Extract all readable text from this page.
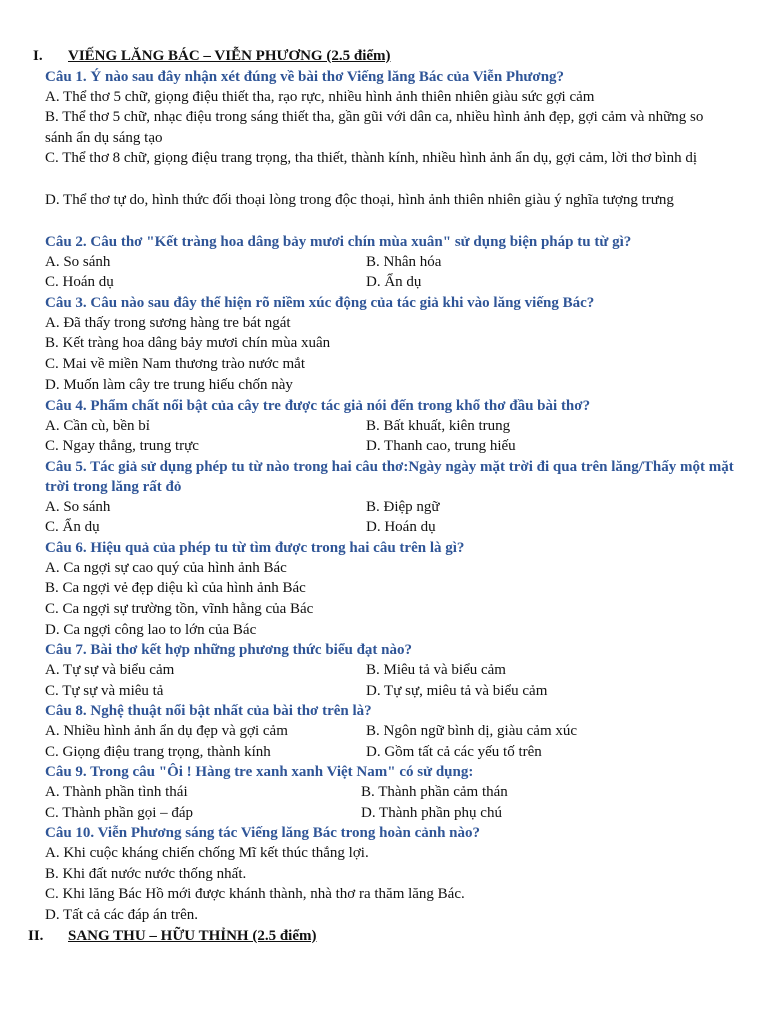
I. VIẾNG LĂNG BÁC – VIỄN PHƯƠNG (2.5 điểm)
Câu 1. Ý nào sau đây nhận xét đúng về bài thơ Viếng lăng Bác của Viễn Phương?
A. Thể thơ 5 chữ, giọng điệu thiết tha, rạo rực, nhiều hình ảnh thiên nhiên giàu sức gợi cảm
B. Thể thơ 5 chữ, nhạc điệu trong sáng thiết tha, gần gũi với dân ca, nhiều hình ảnh đẹp, gợi cảm và những so sánh ẩn dụ sáng tạo
C. Thể thơ 8 chữ, giọng điệu trang trọng, tha thiết, thành kính, nhiều hình ảnh ẩn dụ, gợi cảm, lời thơ bình dị
D. Thể thơ tự do, hình thức đối thoại lòng trong độc thoại, hình ảnh thiên nhiên giàu ý nghĩa tượng trưng
Câu 2. Câu thơ "Kết tràng hoa dâng bảy mươi chín mùa xuân" sử dụng biện pháp tu từ gì?
A. So sánh	B. Nhân hóa
C. Hoán dụ	D. Ẩn dụ
Câu 3. Câu nào sau đây thể hiện rõ niềm xúc động của tác giả khi vào lăng viếng Bác?
A. Đã thấy trong sương hàng tre bát ngát
B. Kết tràng hoa dâng bảy mươi chín mùa xuân
C. Mai về miền Nam thương trào nước mắt
D. Muốn làm cây tre trung hiếu chốn này
Câu 4. Phẩm chất nổi bật của cây tre được tác giả nói đến trong khổ thơ đầu bài thơ?
A. Cần cù, bền bỉ	B. Bất khuất, kiên trung
C. Ngay thẳng, trung trực	D. Thanh cao, trung hiếu
Câu 5. Tác giả sử dụng phép tu từ nào trong hai câu thơ:Ngày ngày mặt trời đi qua trên lăng/Thấy một mặt trời trong lăng rất đỏ
A. So sánh	B. Điệp ngữ
C. Ẩn dụ	D. Hoán dụ
Câu 6. Hiệu quả của phép tu từ tìm được trong hai câu trên là gì?
A. Ca ngợi sự cao quý của hình ảnh Bác
B. Ca ngợi vẻ đẹp diệu kì của hình ảnh Bác
C. Ca ngợi sự trường tồn, vĩnh hằng của Bác
D. Ca ngợi công lao to lớn của Bác
Câu 7. Bài thơ kết hợp những phương thức biểu đạt nào?
A. Tự sự và biểu cảm	B. Miêu tả và biểu cảm
C. Tự sự và miêu tả	D. Tự sự, miêu tả và biểu cảm
Câu 8. Nghệ thuật nổi bật nhất của bài thơ trên là?
A. Nhiều hình ảnh ẩn dụ đẹp và gợi cảm	B. Ngôn ngữ bình dị, giàu cảm xúc
C. Giọng điệu trang trọng, thành kính	D. Gồm tất cả các yếu tố trên
Câu 9. Trong câu "Ôi ! Hàng tre xanh xanh Việt Nam" có sử dụng:
A. Thành phần tình thái	B. Thành phần cảm thán
C. Thành phần gọi – đáp	D. Thành phần phụ chú
Câu 10. Viễn Phương sáng tác Viếng lăng Bác trong hoàn cảnh nào?
A. Khi cuộc kháng chiến chống Mĩ kết thúc thắng lợi.
B. Khi đất nước nước thống nhất.
C. Khi lăng Bác Hồ mới được khánh thành, nhà thơ ra thăm lăng Bác.
D. Tất cả các đáp án trên.
II. SANG THU – HỮU THỈNH (2.5 điểm)
